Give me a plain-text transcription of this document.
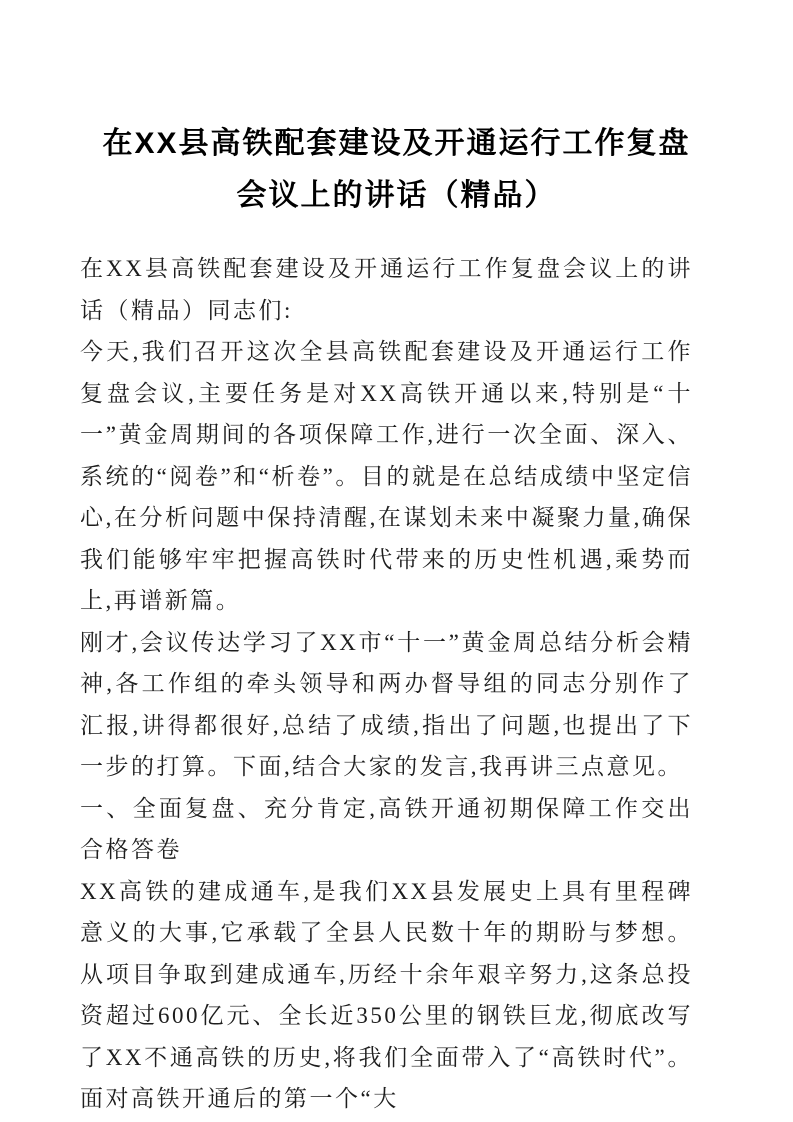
在XX县高铁配套建设及开通运行工作复盘
会议上的讲话（精品）

在XX县高铁配套建设及开通运行工作复盘会议上的讲话（精品）同志们:

今天,我们召开这次全县高铁配套建设及开通运行工作复盘会议,主要任务是对XX高铁开通以来,特别是“十一”黄金周期间的各项保障工作,进行一次全面、深入、系统的“阅卷”和“析卷”。目的就是在总结成绩中坚定信心,在分析问题中保持清醒,在谋划未来中凝聚力量,确保我们能够牢牢把握高铁时代带来的历史性机遇,乘势而上,再谱新篇。

刚才,会议传达学习了XX市“十一”黄金周总结分析会精神,各工作组的牵头领导和两办督导组的同志分别作了汇报,讲得都很好,总结了成绩,指出了问题,也提出了下一步的打算。下面,结合大家的发言,我再讲三点意见。

一、全面复盘、充分肯定,高铁开通初期保障工作交出合格答卷

XX高铁的建成通车,是我们XX县发展史上具有里程碑意义的大事,它承载了全县人民数十年的期盼与梦想。从项目争取到建成通车,历经十余年艰辛努力,这条总投资超过600亿元、全长近350公里的钢铁巨龙,彻底改写了XX不通高铁的历史,将我们全面带入了“高铁时代”。面对高铁开通后的第一个“大
